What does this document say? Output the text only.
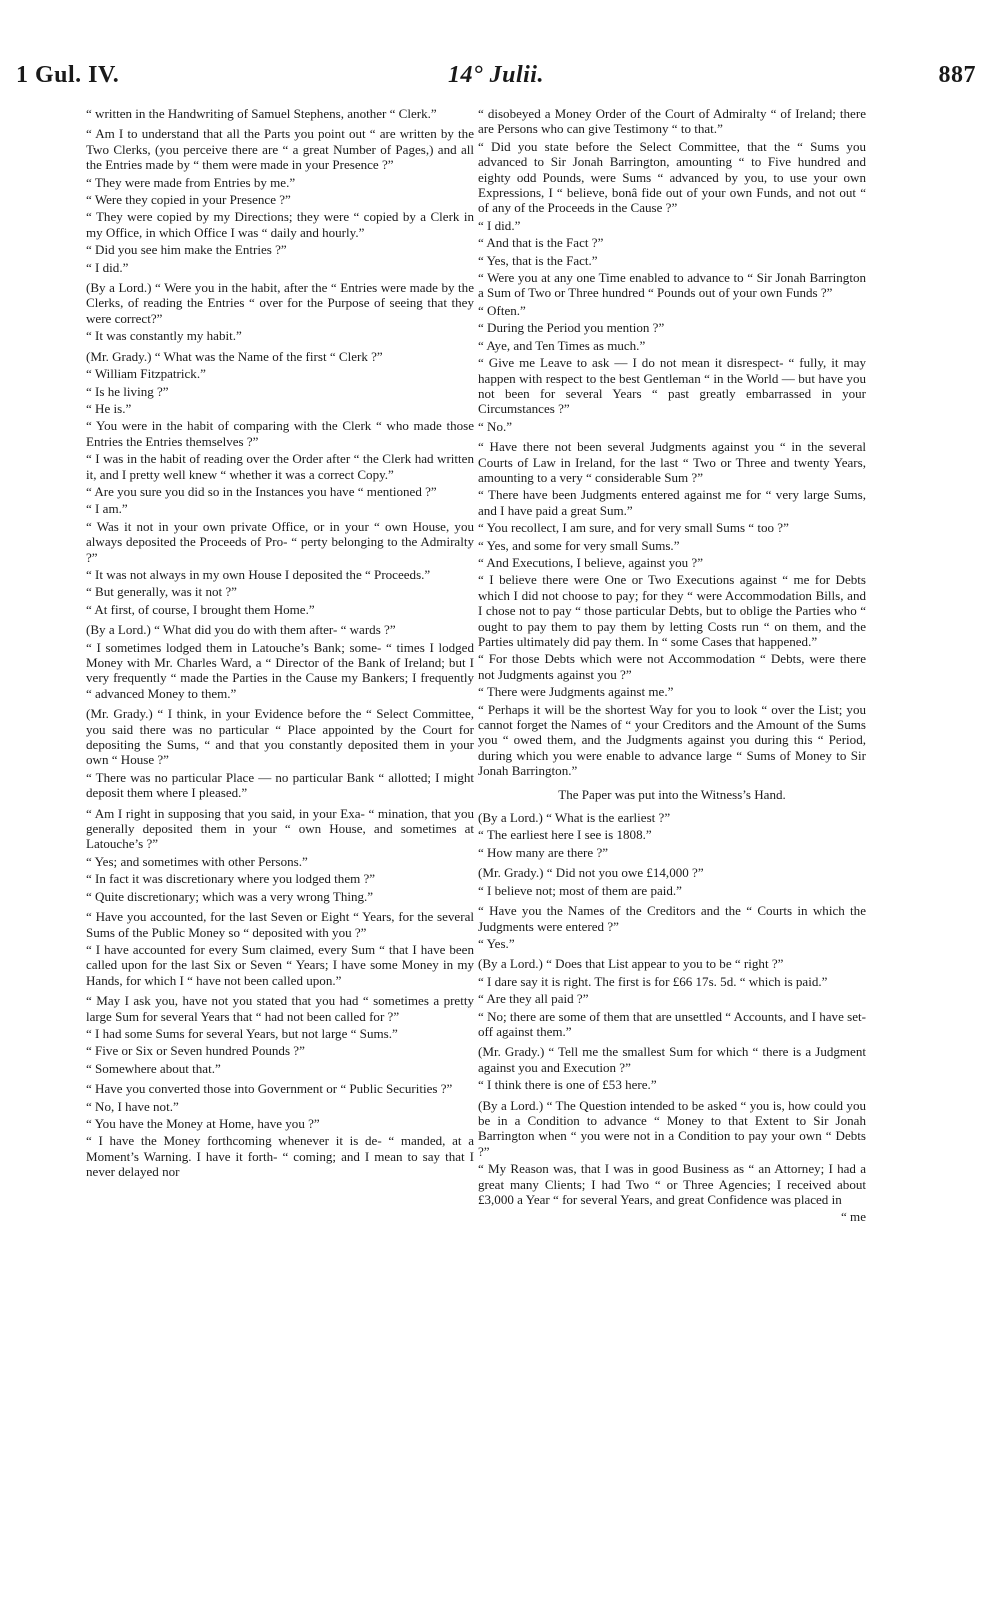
1 Gul. IV.	14° Julii.	887

“ written in the Handwriting of Samuel Stephens, another “ Clerk.”

“ Am I to understand that all the Parts you point out “ are written by the Two Clerks, (you perceive there are “ a great Number of Pages,) and all the Entries made by “ them were made in your Presence ?”

“ They were made from Entries by me.”

“ Were they copied in your Presence ?”

“ They were copied by my Directions; they were “ copied by a Clerk in my Office, in which Office I was “ daily and hourly.”

“ Did you see him make the Entries ?”

“ I did.”

(By a Lord.) “ Were you in the habit, after the “ Entries were made by the Clerks, of reading the Entries “ over for the Purpose of seeing that they were correct?”

“ It was constantly my habit.”

(Mr. Grady.) “ What was the Name of the first “ Clerk ?”

“ William Fitzpatrick.”

“ Is he living ?”

“ He is.”

“ You were in the habit of comparing with the Clerk “ who made those Entries the Entries themselves ?”

“ I was in the habit of reading over the Order after “ the Clerk had written it, and I pretty well knew “ whether it was a correct Copy.”

“ Are you sure you did so in the Instances you have “ mentioned ?”

“ I am.”

“ Was it not in your own private Office, or in your “ own House, you always deposited the Proceeds of Pro- “ perty belonging to the Admiralty ?”

“ It was not always in my own House I deposited the “ Proceeds.”

“ But generally, was it not ?”

“ At first, of course, I brought them Home.”

(By a Lord.) “ What did you do with them after- “ wards ?”

“ I sometimes lodged them in Latouche’s Bank; some- “ times I lodged Money with Mr. Charles Ward, a “ Director of the Bank of Ireland; but I very frequently “ made the Parties in the Cause my Bankers; I frequently “ advanced Money to them.”

(Mr. Grady.) “ I think, in your Evidence before the “ Select Committee, you said there was no particular “ Place appointed by the Court for depositing the Sums, “ and that you constantly deposited them in your own “ House ?”

“ There was no particular Place — no particular Bank “ allotted; I might deposit them where I pleased.”

“ Am I right in supposing that you said, in your Exa- “ mination, that you generally deposited them in your “ own House, and sometimes at Latouche’s ?”

“ Yes; and sometimes with other Persons.”

“ In fact it was discretionary where you lodged them ?”

“ Quite discretionary; which was a very wrong Thing.”

“ Have you accounted, for the last Seven or Eight “ Years, for the several Sums of the Public Money so “ deposited with you ?”

“ I have accounted for every Sum claimed, every Sum “ that I have been called upon for the last Six or Seven “ Years; I have some Money in my Hands, for which I “ have not been called upon.”

“ May I ask you, have not you stated that you had “ sometimes a pretty large Sum for several Years that “ had not been called for ?”

“ I had some Sums for several Years, but not large “ Sums.”

“ Five or Six or Seven hundred Pounds ?”

“ Somewhere about that.”

“ Have you converted those into Government or “ Public Securities ?”

“ No, I have not.”

“ You have the Money at Home, have you ?”

“ I have the Money forthcoming whenever it is de- “ manded, at a Moment’s Warning. I have it forth- “ coming; and I mean to say that I never delayed nor

“ disobeyed a Money Order of the Court of Admiralty “ of Ireland; there are Persons who can give Testimony “ to that.”

“ Did you state before the Select Committee, that the “ Sums you advanced to Sir Jonah Barrington, amounting “ to Five hundred and eighty odd Pounds, were Sums “ advanced by you, to use your own Expressions, I “ believe, bonâ fide out of your own Funds, and not out “ of any of the Proceeds in the Cause ?”

“ I did.”

“ And that is the Fact ?”

“ Yes, that is the Fact.”

“ Were you at any one Time enabled to advance to “ Sir Jonah Barrington a Sum of Two or Three hundred “ Pounds out of your own Funds ?”

“ Often.”

“ During the Period you mention ?”

“ Aye, and Ten Times as much.”

“ Give me Leave to ask — I do not mean it disrespect- “ fully, it may happen with respect to the best Gentleman “ in the World — but have you not been for several Years “ past greatly embarrassed in your Circumstances ?”

“ No.”

“ Have there not been several Judgments against you “ in the several Courts of Law in Ireland, for the last “ Two or Three and twenty Years, amounting to a very “ considerable Sum ?”

“ There have been Judgments entered against me for “ very large Sums, and I have paid a great Sum.”

“ You recollect, I am sure, and for very small Sums “ too ?”

“ Yes, and some for very small Sums.”

“ And Executions, I believe, against you ?”

“ I believe there were One or Two Executions against “ me for Debts which I did not choose to pay; for they “ were Accommodation Bills, and I chose not to pay “ those particular Debts, but to oblige the Parties who “ ought to pay them to pay them by letting Costs run “ on them, and the Parties ultimately did pay them. In “ some Cases that happened.”

“ For those Debts which were not Accommodation “ Debts, were there not Judgments against you ?”

“ There were Judgments against me.”

“ Perhaps it will be the shortest Way for you to look “ over the List; you cannot forget the Names of “ your Creditors and the Amount of the Sums you “ owed them, and the Judgments against you during this “ Period, during which you were enable to advance large “ Sums of Money to Sir Jonah Barrington.”

The Paper was put into the Witness’s Hand.

(By a Lord.) “ What is the earliest ?”

“ The earliest here I see is 1808.”

“ How many are there ?”

(Mr. Grady.) “ Did not you owe £14,000 ?”

“ I believe not; most of them are paid.”

“ Have you the Names of the Creditors and the “ Courts in which the Judgments were entered ?”

“ Yes.”

(By a Lord.) “ Does that List appear to you to be “ right ?”

“ I dare say it is right. The first is for £66 17s. 5d. “ which is paid.”

“ Are they all paid ?”

“ No; there are some of them that are unsettled “ Accounts, and I have set-off against them.”

(Mr. Grady.) “ Tell me the smallest Sum for which “ there is a Judgment against you and Execution ?”

“ I think there is one of £53 here.”

(By a Lord.) “ The Question intended to be asked “ you is, how could you be in a Condition to advance “ Money to that Extent to Sir Jonah Barrington when “ you were not in a Condition to pay your own “ Debts ?”

“ My Reason was, that I was in good Business as “ an Attorney; I had a great many Clients; I had Two “ or Three Agencies; I received about £3,000 a Year “ for several Years, and great Confidence was placed in

“ me
